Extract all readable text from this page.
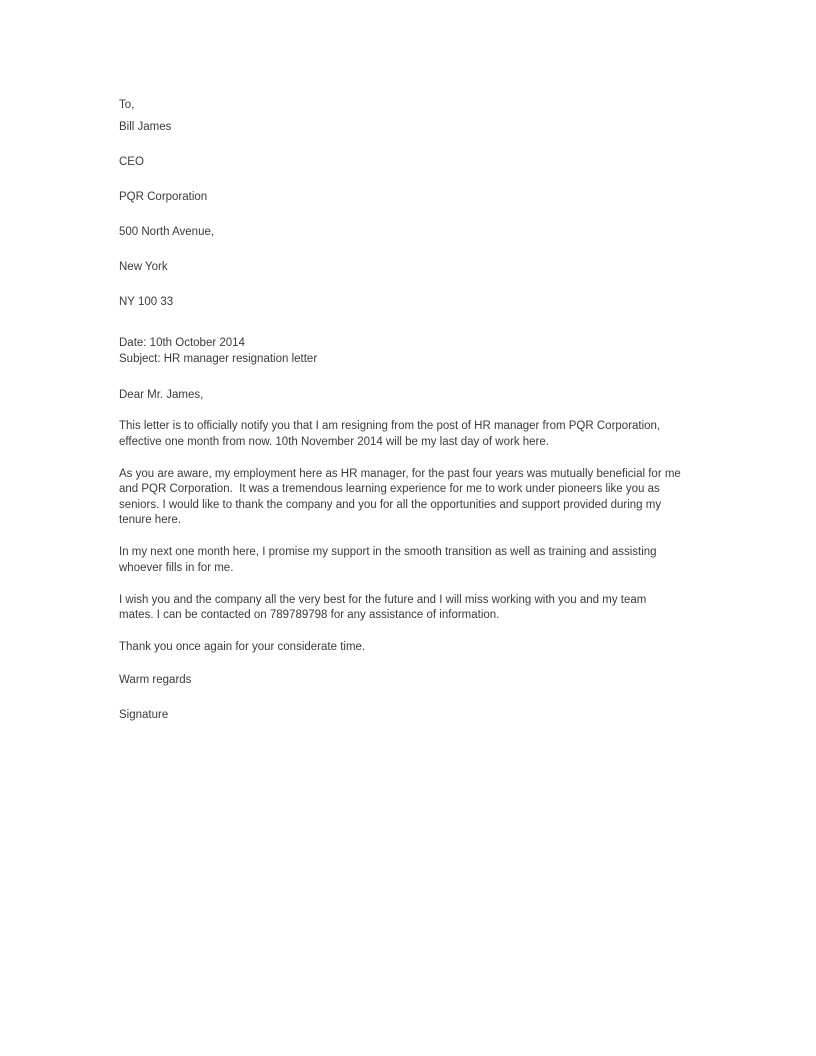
To,
Bill James
CEO
PQR Corporation
500 North Avenue,
New York
NY 100 33
Date: 10th October 2014
Subject: HR manager resignation letter
Dear Mr. James,

This letter is to officially notify you that I am resigning from the post of HR manager from PQR Corporation, effective one month from now. 10th November 2014 will be my last day of work here.

As you are aware, my employment here as HR manager, for the past four years was mutually beneficial for me and PQR Corporation.  It was a tremendous learning experience for me to work under pioneers like you as seniors. I would like to thank the company and you for all the opportunities and support provided during my tenure here.

In my next one month here, I promise my support in the smooth transition as well as training and assisting whoever fills in for me.

I wish you and the company all the very best for the future and I will miss working with you and my team mates. I can be contacted on 789789798 for any assistance of information.

Thank you once again for your considerate time.

Warm regards
Signature
